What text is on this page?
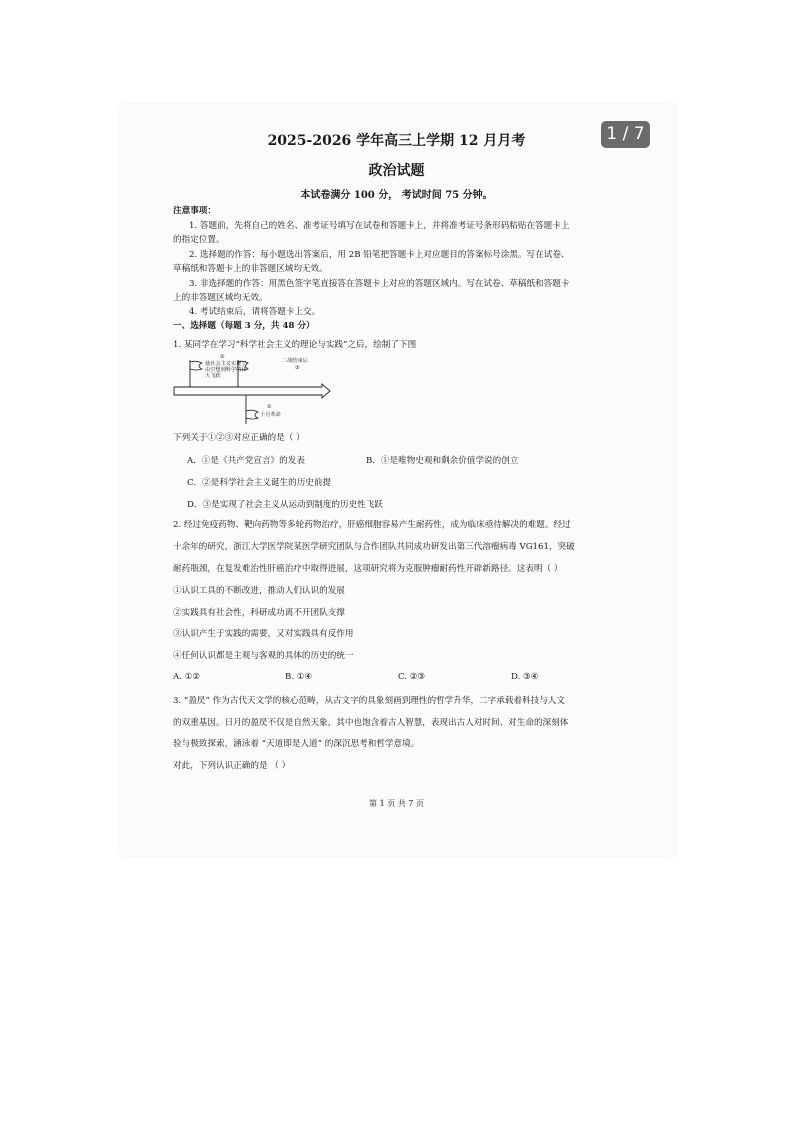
1 / 7
2025-2026 学年高三上学期 12 月月考
政治试题
本试卷满分 100 分， 考试时间 75 分钟。
注意事项：
1. 答题前，先将自己的姓名、准考证号填写在试卷和答题卡上，并将准考证号条形码粘贴在答题卡上
的指定位置。
2. 选择题的作答：每小题选出答案后，用 2B 铅笔把答题卡上对应题目的答案标号涂黑。写在试卷、
草稿纸和答题卡上的非答题区域均无效。
3. 非选择题的作答：用黑色签字笔直接答在答题卡上对应的答题区域内。写在试卷、草稿纸和答题卡
上的非答题区域均无效。
4. 考试结束后，请将答题卡上交。
一、选择题（每题 3 分，共 48 分）
1. 某同学在学习“科学社会主义的理论与实践”之后，绘制了下图
①
使社会主义实现了
由空想到科学的伟
大飞跃
二战结束后
③
②
十月革命
下列关于①②③对应正确的是（ ）
A．①是《共产党宣言》的发表	B．①是唯物史观和剩余价值学说的创立
C．②是科学社会主义诞生的历史前提
D．③是实现了社会主义从运动到制度的历史性飞跃
2. 经过免疫药物、靶向药物等多轮药物治疗，肝癌细胞容易产生耐药性，成为临床亟待解决的难题。经过
十余年的研究，浙江大学医学院某医学研究团队与合作团队共同成功研发出第三代溶瘤病毒 VG161，突破
耐药瓶颈，在复发难治性肝癌治疗中取得进展，这项研究将为克服肿瘤耐药性开辟新路径。这表明（ ）
①认识工具的不断改进，推动人们认识的发展
②实践具有社会性，科研成功离不开团队支撑
③认识产生于实践的需要，又对实践具有反作用
④任何认识都是主观与客观的具体的历史的统一
A. ①②	B. ①④	C. ②③	D. ③④
3. “盈昃” 作为古代天文学的核心范畴，从古文字的具象刻画到理性的哲学升华，二字承载着科技与人文
的双重基因。日月的盈昃不仅是自然天象，其中也饱含着古人智慧，表现出古人对时间、对生命的深刻体
验与极致探索，涵泳着 “天道即是人道” 的深沉思考和哲学意境。
对此，下列认识正确的是 （ ）
第 1 页 共 7 页
